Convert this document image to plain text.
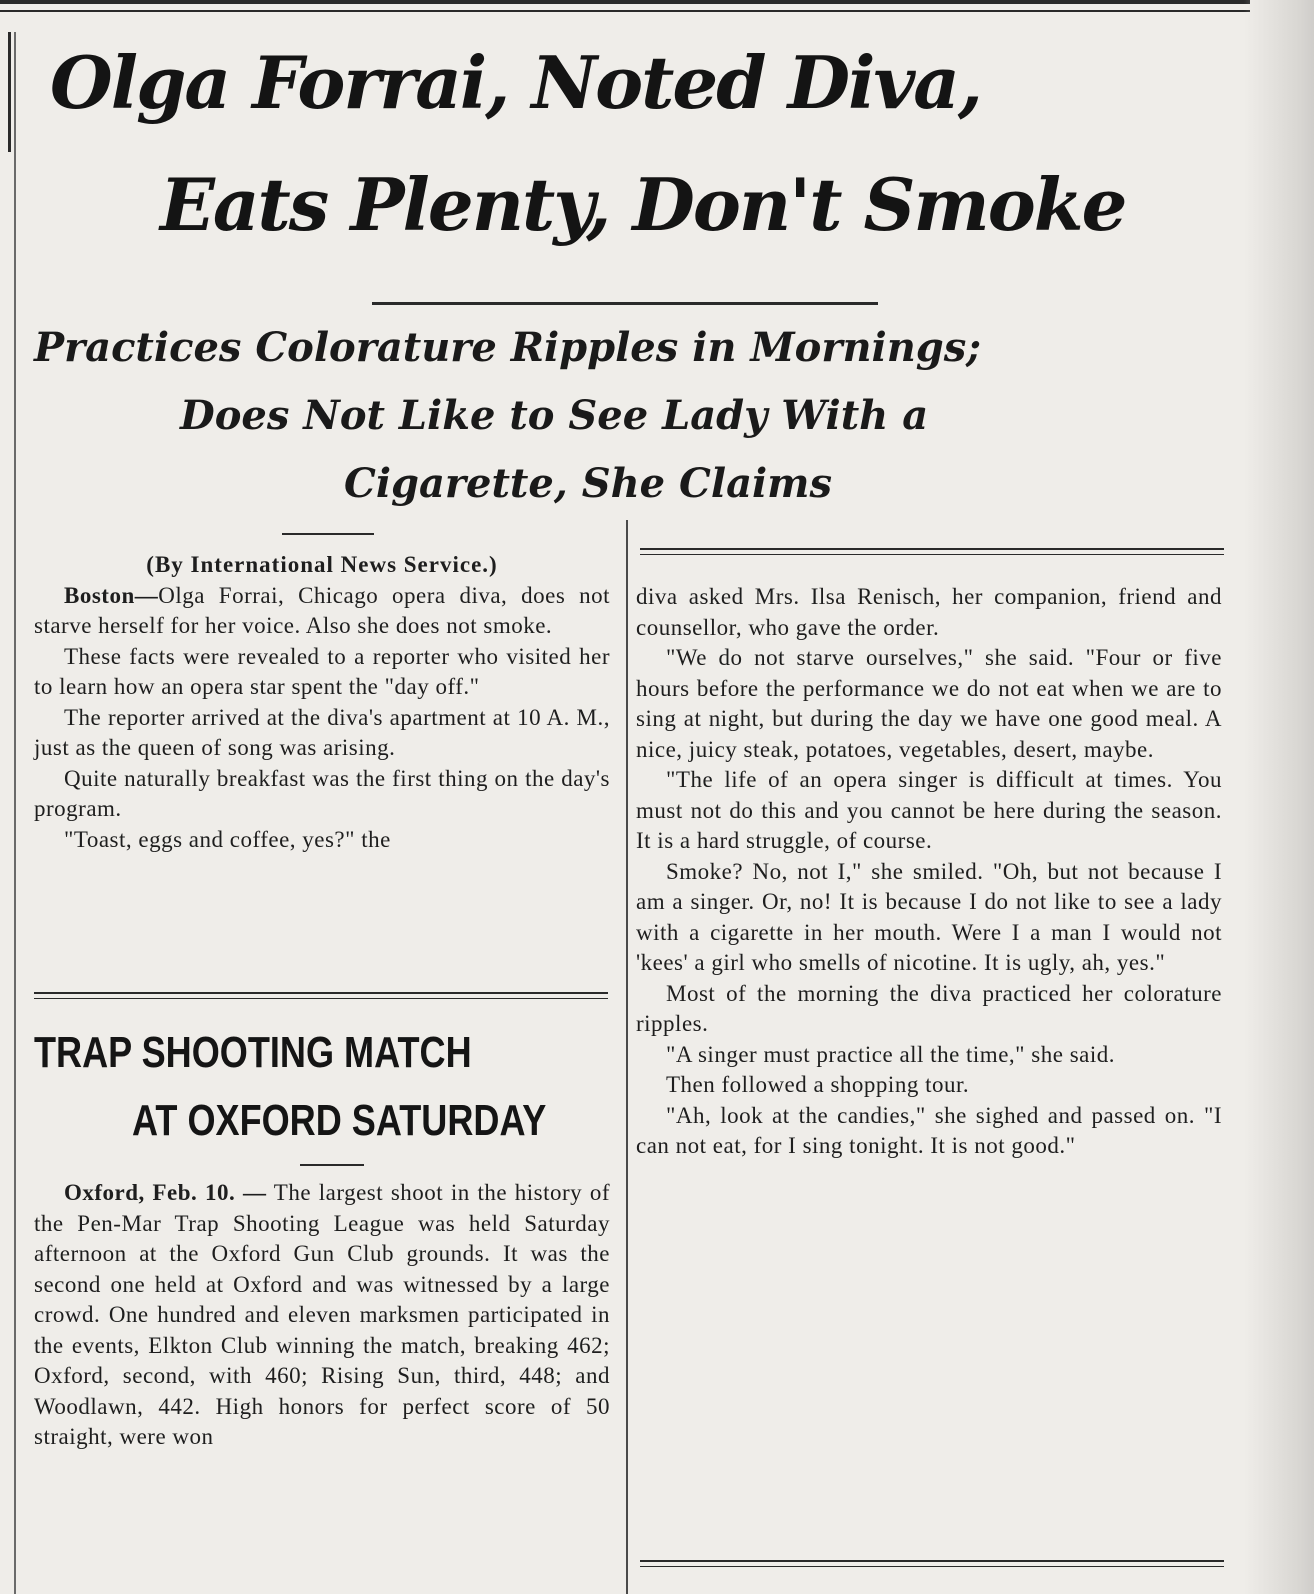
Olga Forrai, Noted Diva,
Eats Plenty, Don't Smoke
Practices Colorature Ripples in Mornings;
Does Not Like to See Lady With a
Cigarette, She Claims

(By International News Service.)

Boston—Olga Forrai, Chicago opera diva, does not starve herself for her voice. Also she does not smoke.

These facts were revealed to a reporter who visited her to learn how an opera star spent the "day off."

The reporter arrived at the diva's apartment at 10 A. M., just as the queen of song was arising.

Quite naturally breakfast was the first thing on the day's program.

"Toast, eggs and coffee, yes?" the

TRAP SHOOTING MATCH
AT OXFORD SATURDAY

Oxford, Feb. 10. — The largest shoot in the history of the Pen-Mar Trap Shooting League was held Saturday afternoon at the Oxford Gun Club grounds. It was the second one held at Oxford and was witnessed by a large crowd. One hundred and eleven marksmen participated in the events, Elkton Club winning the match, breaking 462; Oxford, second, with 460; Rising Sun, third, 448; and Woodlawn, 442. High honors for perfect score of 50 straight, were won

diva asked Mrs. Ilsa Renisch, her companion, friend and counsellor, who gave the order.

"We do not starve ourselves," she said. "Four or five hours before the performance we do not eat when we are to sing at night, but during the day we have one good meal. A nice, juicy steak, potatoes, vegetables, desert, maybe.

"The life of an opera singer is difficult at times. You must not do this and you cannot be here during the season. It is a hard struggle, of course.

Smoke? No, not I," she smiled. "Oh, but not because I am a singer. Or, no! It is because I do not like to see a lady with a cigarette in her mouth. Were I a man I would not 'kees' a girl who smells of nicotine. It is ugly, ah, yes."

Most of the morning the diva practiced her colorature ripples.

"A singer must practice all the time," she said.

Then followed a shopping tour.

"Ah, look at the candies," she sighed and passed on. "I can not eat, for I sing tonight. It is not good."
